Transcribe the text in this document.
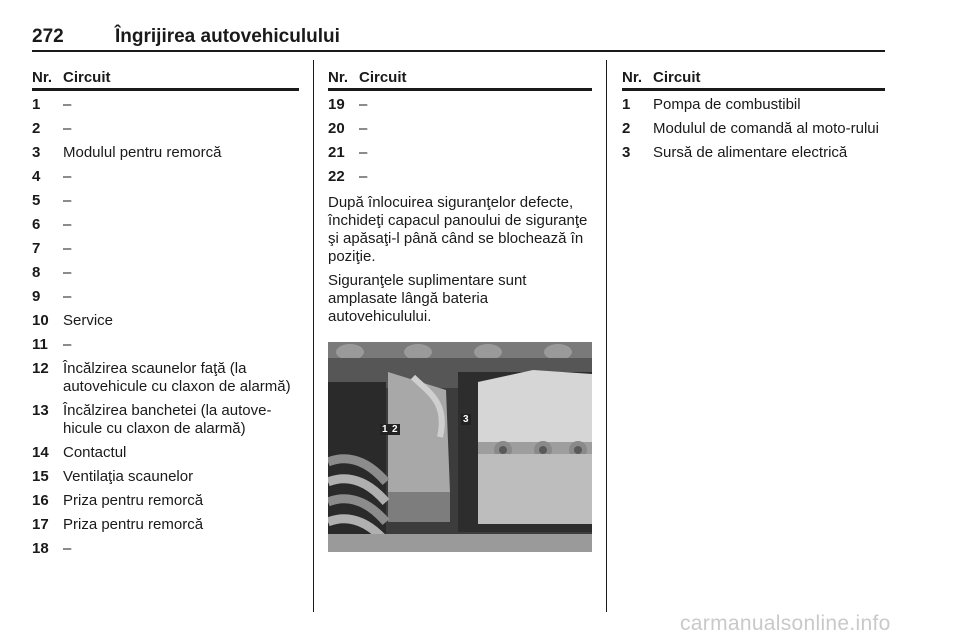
272	Îngrijirea autovehiculului
Nr. Circuit
1	–
2	–
3	Modulul pentru remorcă
4	–
5	–
6	–
7	–
8	–
9	–
10 Service
11	–
12 Încălzirea scaunelor faţă (la autovehicule cu claxon de alarmă)
13 Încălzirea banchetei (la autove-hicule cu claxon de alarmă)
14 Contactul
15 Ventilaţia scaunelor
16 Priza pentru remorcă
17 Priza pentru remorcă
18 –
Nr. Circuit
19 –
20 –
21 –
22 –
După înlocuirea siguranţelor defecte, închideţi capacul panoului de siguranţe şi apăsaţi-l până când se blochează în poziţie.
Siguranţele suplimentare sunt amplasate lângă bateria autovehiculului.
1 2
3
Nr. Circuit
1	Pompa de combustibil
2	Modulul de comandă al moto-rului
3	Sursă de alimentare electrică
carmanualsonline.info
